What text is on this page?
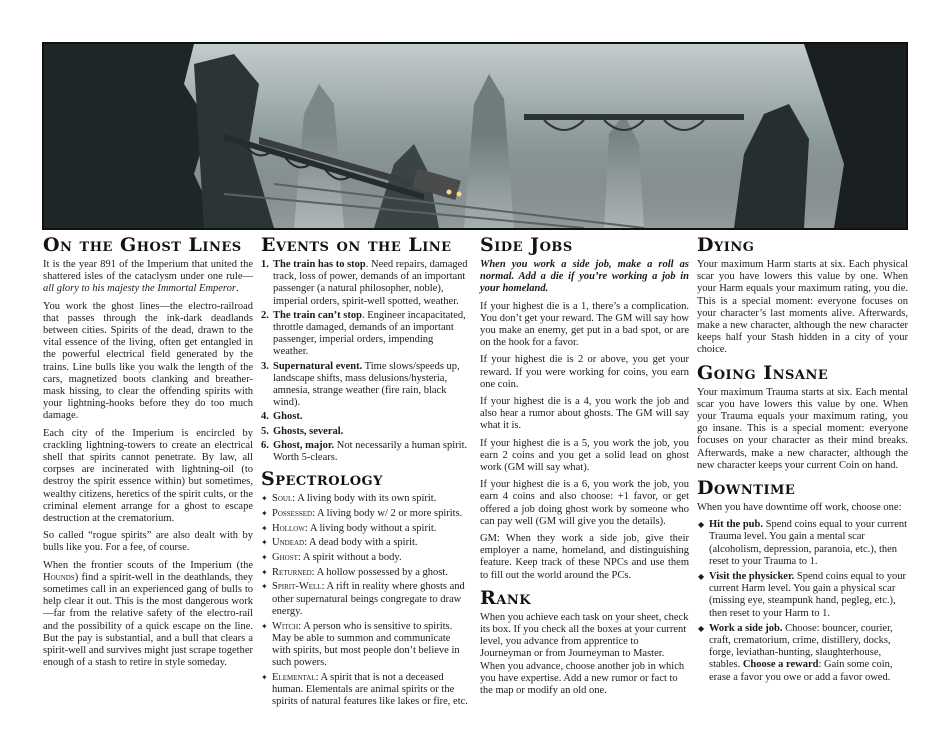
On the Ghost Lines

It is the year 891 of the Imperium that united the shattered isles of the cataclysm under one rule—all glory to his majesty the Immortal Emperor.

You work the ghost lines—the electro-railroad that passes through the ink-dark deadlands between cities. Spirits of the dead, drawn to the vital essence of the living, often get entangled in the powerful electrical field generated by the trains. Line bulls like you walk the length of the cars, magnetized boots clanking and breather-mask hissing, to clear the offending spirits with your lightning-hooks before they do too much damage.

Each city of the Imperium is encircled by crackling lightning-towers to create an electrical shell that spirits cannot penetrate. By law, all corpses are incinerated with lightning-oil (to destroy the spirit essence within) but sometimes, wealthy citizens, heretics of the spirit cults, or the criminal element arrange for a ghost to escape destruction at the crematorium.

So called “rogue spirits” are also dealt with by bulls like you. For a fee, of course.

When the frontier scouts of the Imperium (the Hounds) find a spirit-well in the deathlands, they sometimes call in an experienced gang of bulls to help clear it out. This is the most dangerous work—far from the relative safety of the electro-rail and the possibility of a quick escape on the line. But the pay is substantial, and a bull that clears a spirit-well and survives might just scrape together enough of a stash to retire in style someday.

Events on the Line
1. The train has to stop. Need repairs, damaged track, loss of power, demands of an important passenger (a natural philosopher, noble), imperial orders, spirit-well spotted, weather.
2. The train can’t stop. Engineer incapacitated, throttle damaged, demands of an important passenger, imperial orders, impending weather.
3. Supernatural event. Time slows/speeds up, landscape shifts, mass delusions/hysteria, amnesia, strange weather (fire rain, black wind).
4. Ghost.
5. Ghosts, several.
6. Ghost, major. Not necessarily a human spirit. Worth 5-clears.
Spectrology
✦ Soul: A living body with its own spirit.
✦ Possessed: A living body w/ 2 or more spirits.
✦ Hollow: A living body without a spirit.
✦ Undead: A dead body with a spirit.
✦ Ghost: A spirit without a body.
✦ Returned: A hollow possessed by a ghost.
✦ Spirit-Well: A rift in reality where ghosts and other supernatural beings congregate to draw energy.
✦ Witch: A person who is sensitive to spirits. May be able to summon and communicate with spirits, but most people don’t believe in such powers.
✦ Elemental: A spirit that is not a deceased human. Elementals are animal spirits or the spirits of natural features like lakes or fire, etc.
Side Jobs

When you work a side job, make a roll as normal. Add a die if you’re working a job in your homeland.

If your highest die is a 1, there’s a complication. You don’t get your reward. The GM will say how you make an enemy, get put in a bad spot, or are on the hook for a favor.

If your highest die is 2 or above, you get your reward. If you were working for coins, you earn one coin.

If your highest die is a 4, you work the job and also hear a rumor about ghosts. The GM will say what it is.

If your highest die is a 5, you work the job, you earn 2 coins and you get a solid lead on ghost work (GM will say what).

If your highest die is a 6, you work the job, you earn 4 coins and also choose: +1 favor, or get offered a job doing ghost work by someone who can pay well (GM will give you the details).

GM: When they work a side job, give their employer a name, homeland, and distinguishing feature. Keep track of these NPCs and use them to fill out the world around the PCs.

Rank

When you achieve each task on your sheet, check its box. If you check all the boxes at your current level, you advance from apprentice to Journeyman or from Journeyman to Master. When you advance, choose another job in which you have expertise. Add a new rumor or fact to the map or modify an old one.

Dying

Your maximum Harm starts at six. Each physical scar you have lowers this value by one. When your Harm equals your maximum rating, you die. This is a special moment: everyone focuses on your character’s last moments alive. Afterwards, make a new character, although the new character keeps half your Stash hidden in a city of your choice.

Going Insane

Your maximum Trauma starts at six. Each mental scar you have lowers this value by one. When your Trauma equals your maximum rating, you go insane. This is a special moment: everyone focuses on your character as their mind breaks. Afterwards, make a new character, although the new character keeps your current Coin on hand.

Downtime

When you have downtime off work, choose one:

◆ Hit the pub. Spend coins equal to your current Trauma level. You gain a mental scar (alcoholism, depression, paranoia, etc.), then reset to your Trauma to 1.
◆ Visit the physicker. Spend coins equal to your current Harm level. You gain a physical scar (missing eye, steampunk hand, pegleg, etc.), then reset to your Harm to 1.
◆ Work a side job. Choose: bouncer, courier, craft, crematorium, crime, distillery, docks, forge, leviathan-hunting, slaughterhouse, stables. Choose a reward: Gain some coin, erase a favor you owe or add a favor owed.
